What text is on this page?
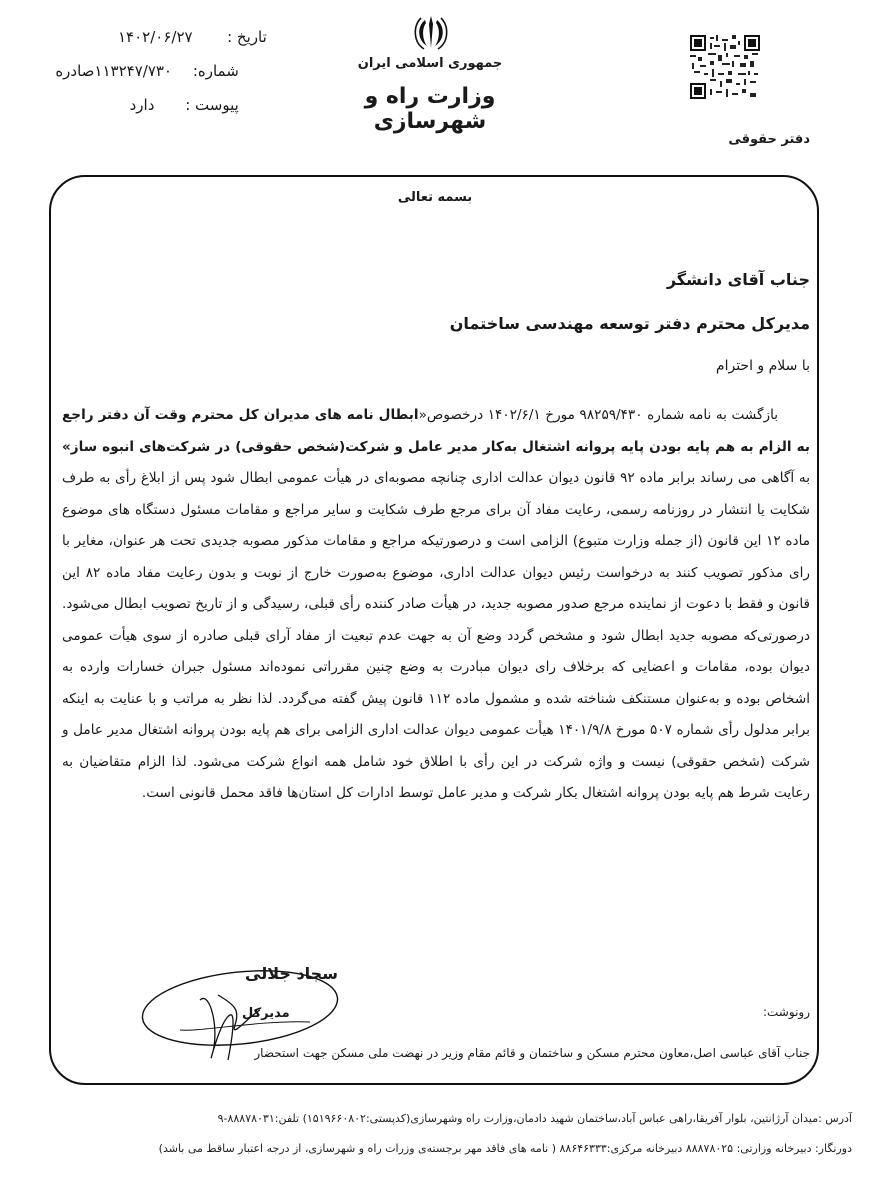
تاریخ : ۱۴۰۲/۰۶/۲۷
شماره: ۱۱۳۲۴۷/۷۳۰صادره
پیوست : دارد
جمهوری اسلامی ایران
وزارت راه و شهرسازی
دفتر حقوقی
بسمه تعالی
جناب آقای دانشگر
مدیرکل محترم دفتر توسعه مهندسی ساختمان
با سلام و احترام
بازگشت به نامه شماره ۹۸۲۵۹/۴۳۰ مورخ ۱۴۰۲/۶/۱ درخصوص«ابطال نامه های مدیران کل محترم وقت آن دفتر راجع به الزام به هم پایه بودن پایه پروانه اشتغال به‌کار مدیر عامل و شرکت(شخص حقوقی) در شرکت‌های انبوه ساز» به آگاهی می رساند برابر ماده ۹۲ قانون دیوان عدالت اداری چنانچه مصوبه‌ای در هیأت عمومی ابطال شود پس از ابلاغ رأی به طرف شکایت یا انتشار در روزنامه رسمی، رعایت مفاد آن برای مرجع طرف شکایت و سایر مراجع و مقامات مسئول دستگاه های موضوع ماده ۱۲ این قانون (از جمله وزارت متبوع) الزامی است و درصورتیکه مراجع و مقامات مذکور مصوبه جدیدی تحت هر عنوان، مغایر با رای مذکور تصویب کنند به درخواست رئیس دیوان عدالت اداری، موضوع به‌صورت خارج از نوبت و بدون رعایت مفاد ماده ۸۲ این قانون و فقط با دعوت از نماینده مرجع صدور مصوبه جدید، در هیأت صادر کننده رأی قبلی، رسیدگی و از تاریخ تصویب ابطال می‌شود. درصورتی‌که مصوبه جدید ابطال شود و مشخص گردد وضع آن به جهت عدم تبعیت از مفاد آرای قبلی صادره از سوی هیأت عمومی دیوان بوده، مقامات و اعضایی که برخلاف رای دیوان مبادرت به وضع چنین مقرراتی نموده‌اند مسئول جبران خسارات وارده به اشخاص بوده و به‌عنوان مستنکف شناخته شده و مشمول ماده ۱۱۲ قانون پیش گفته می‌گردد. لذا نظر به مراتب و با عنایت به اینکه برابر مدلول رأی شماره ۵۰۷ مورخ ۱۴۰۱/۹/۸ هیأت عمومی دیوان عدالت اداری الزامی برای هم پایه بودن پروانه اشتغال مدیر عامل و شرکت (شخص حقوقی) نیست و واژه شرکت در این رأی با اطلاق خود شامل همه انواع شرکت می‌شود. لذا الزام متقاضیان به رعایت شرط هم پایه بودن پروانه اشتغال بکار شرکت و مدیر عامل توسط ادارات کل استان‌ها فاقد محمل قانونی است.
سجاد جلالی
مدیرکل	رونوشت:
جناب آقای عباسی اصل،معاون محترم مسکن و ساختمان و قائم مقام وزیر در نهضت ملی مسکن جهت استحضار
آدرس :میدان آرژانتین، بلوار آفریقا،راهی عباس آباد،ساختمان شهید دادمان،وزارت راه وشهرسازی(کدپستی:۱۵۱۹۶۶۰۸۰۲) تلفن:۸۸۸۷۸۰۳۱-۹
دورنگار: دبیرخانه وزارتی: ۸۸۸۷۸۰۲۵ دبیرخانه مرکزی:۸۸۶۴۶۳۳۳ ( نامه های فاقد مهر برجسته‌ی وزرات راه و شهرسازی، از درجه اعتبار ساقط می باشد)
